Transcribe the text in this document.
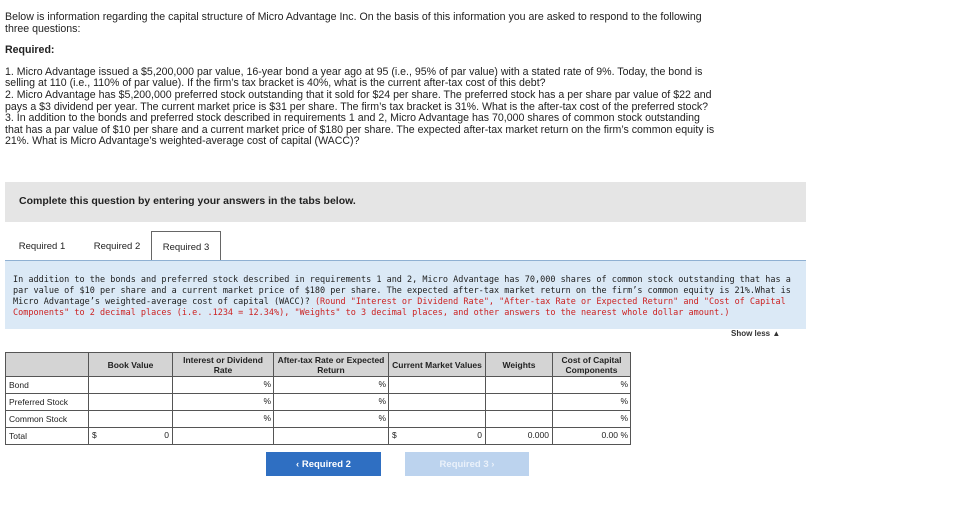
Below is information regarding the capital structure of Micro Advantage Inc. On the basis of this information you are asked to respond to the following three questions:

Required:

1. Micro Advantage issued a $5,200,000 par value, 16-year bond a year ago at 95 (i.e., 95% of par value) with a stated rate of 9%. Today, the bond is selling at 110 (i.e., 110% of par value). If the firm’s tax bracket is 40%, what is the current after-tax cost of this debt?
2. Micro Advantage has $5,200,000 preferred stock outstanding that it sold for $24 per share. The preferred stock has a per share par value of $22 and pays a $3 dividend per year. The current market price is $31 per share. The firm’s tax bracket is 31%. What is the after-tax cost of the preferred stock?
3. In addition to the bonds and preferred stock described in requirements 1 and 2, Micro Advantage has 70,000 shares of common stock outstanding that has a par value of $10 per share and a current market price of $180 per share. The expected after-tax market return on the firm’s common equity is 21%. What is Micro Advantage’s weighted-average cost of capital (WACC)?
Complete this question by entering your answers in the tabs below.
Required 1	Required 2	Required 3
In addition to the bonds and preferred stock described in requirements 1 and 2, Micro Advantage has 70,000 shares of common stock outstanding that has a par value of $10 per share and a current market price of $180 per share. The expected after-tax market return on the firm’s common equity is 21%.What is Micro Advantage’s weighted-average cost of capital (WACC)? (Round "Interest or Dividend Rate", "After-tax Rate or Expected Return" and "Cost of Capital Components" to 2 decimal places (i.e. .1234 = 12.34%), "Weights" to 3 decimal places, and other answers to the nearest whole dollar amount.)
Show less ▲
	Book Value	Interest or Dividend Rate	After-tax Rate or Expected Return	Current Market Values	Weights	Cost of Capital Components
Bond		%	%			%

Preferred Stock		%	%			%

Common Stock		%	%			%

Total	$ 0			$ 0	0.000	0.00 %
‹ Required 2	Required 3 ›
